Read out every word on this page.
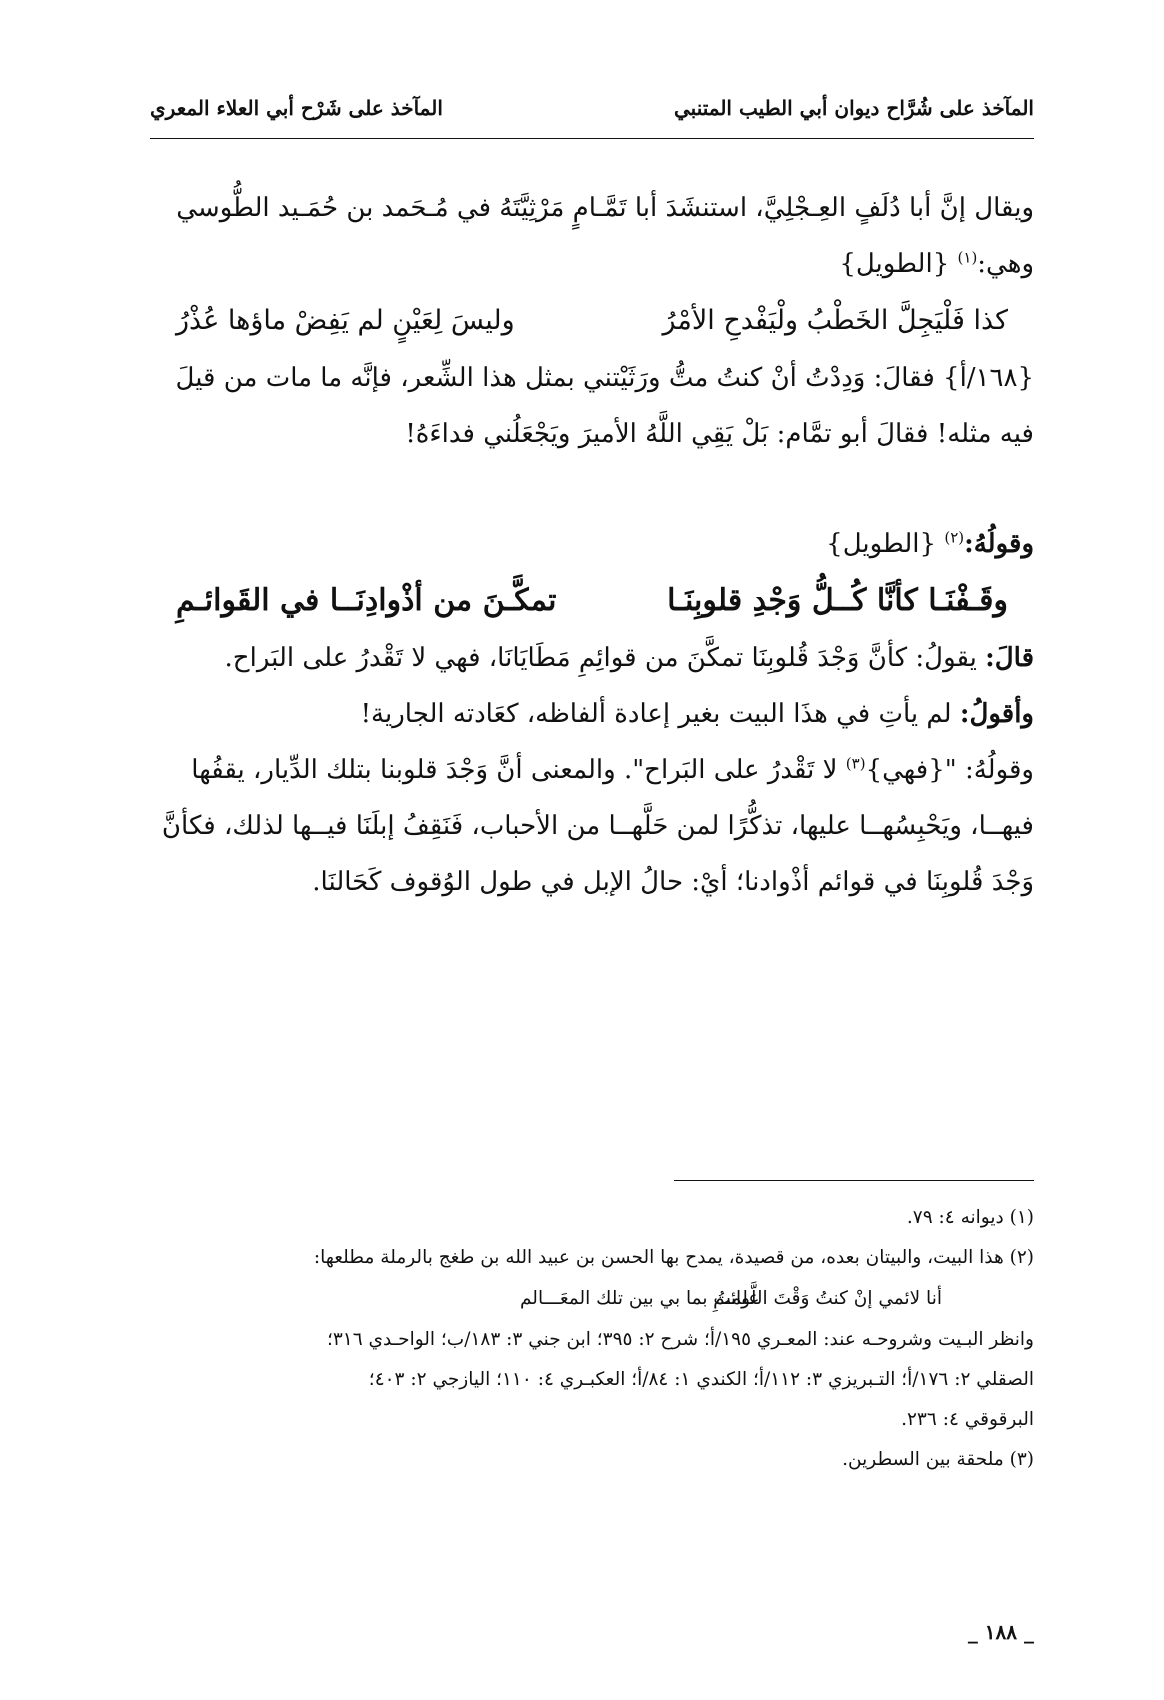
المآخذ على شُرَّاح ديوان أبي الطيب المتنبي
المآخذ على شَرْح أبي العلاء المعري

ويقال إنَّ أبا دُلَفٍ العِـجْلِيَّ، استنشَدَ أبا تَمَّـامٍ مَرْثِيَّتَهُ في مُـحَمد بن حُمَـيد الطُّوسي

وهي:$^{(١)}$ {الطويل}

كذا فَلْيَجِلَّ الخَطْبُ ولْيَفْدحِ الأمْرُ
وليسَ لِعَيْنٍ لم يَفِضْ ماؤها عُذْرُ

{١٦٨/أ} فقالَ: وَدِدْتُ أنْ كنتُ متُّ ورَثَيْتني بمثل هذا الشِّعر، فإنَّه ما مات من قيلَ

فيه مثله! فقالَ أبو تمَّام: بَلْ يَقِي اللَّهُ الأميرَ ويَجْعَلُني فداءَهُ!

وقولُهُ:$^{(٢)}$ {الطويل}

وقَـفْنَـا كأنَّا كُــلُّ وَجْدِ قلوبِنَـا
تمكَّـنَ من أذْوادِنَــا في القَوائـمِ

قالَ: يقولُ: كأنَّ وَجْدَ قُلوبِنَا تمكَّنَ من قوائِمِ مَطَايَانَا، فهي لا تَقْدرُ على البَراح.

وأقولُ: لم يأتِ في هذَا البيت بغير إعادة ألفاظه، كعَادته الجارية!

وقولُهُ: "{فهي}$^{(٣)}$ لا تَقْدرُ على البَراح". والمعنى أنَّ وَجْدَ قلوبنا بتلك الدِّيار، يقفُها

فيهــا، ويَحْبِسُهــا عليها، تذكُّرًا لمن حَلَّهــا من الأحباب، فَنَقِفُ إبلَنَا فيــها لذلك، فكأنَّ

وَجْدَ قُلوبِنَا في قوائم أذْوادنا؛ أيْ: حالُ الإبل في طول الوُقوف كَحَالنَا.

(١) ديوانه ٤: ٧٩.

(٢) هذا البيت، والبيتان بعده، من قصيدة، يمدح بها الحسن بن عبيد الله بن طغج بالرملة مطلعها:

أنا لائمي إنْ كنتُ وَقْتَ اللَّوائـمِ
علمتُ بما بي بين تلك المعَـــالم

وانظر البـيت وشروحـه عند: المعـري ١٩٥/أ؛ شرح ٢: ٣٩٥؛ ابن جني ٣: ١٨٣/ب؛ الواحـدي ٣١٦؛

الصقلي ٢: ١٧٦/أ؛ التـبريزي ٣: ١١٢/أ؛ الكندي ١: ٨٤/أ؛ العكبـري ٤: ١١٠؛ اليازجي ٢: ٤٠٣؛

البرقوقي ٤: ٢٣٦.

(٣) ملحقة بين السطرين.

_ ١٨٨ _
